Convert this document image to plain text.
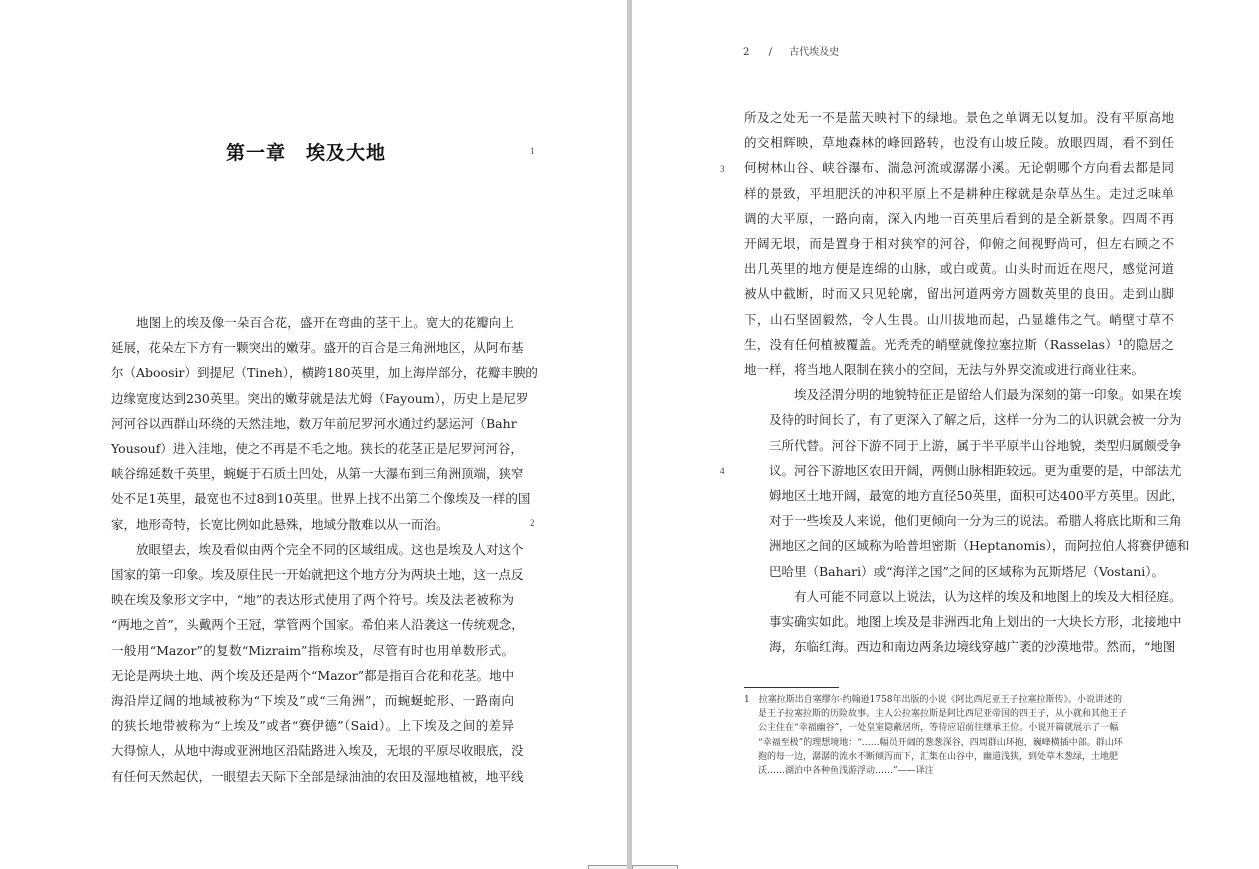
第一章　埃及大地	1
2
地图上的埃及像一朵百合花，盛开在弯曲的茎干上。宽大的花瓣向上
延展，花朵左下方有一颗突出的嫩芽。盛开的百合是三角洲地区，从阿布基
尔（Aboosir）到提尼（Tineh），横跨180英里，加上海岸部分，花瓣丰腴的
边缘宽度达到230英里。突出的嫩芽就是法尤姆（Fayoum），历史上是尼罗
河河谷以西群山环绕的天然洼地，数万年前尼罗河水通过约瑟运河（Bahr
Yousouf）进入洼地，使之不再是不毛之地。狭长的花茎正是尼罗河河谷，
峡谷绵延数千英里，蜿蜒于石质土凹处，从第一大瀑布到三角洲顶端，狭窄
处不足1英里，最宽也不过8到10英里。世界上找不出第二个像埃及一样的国
家，地形奇特，长宽比例如此悬殊，地域分散难以从一而治。
放眼望去，埃及看似由两个完全不同的区域组成。这也是埃及人对这个
国家的第一印象。埃及原住民一开始就把这个地方分为两块土地，这一点反
映在埃及象形文字中，“地”的表达形式使用了两个符号。埃及法老被称为
“两地之首”，头戴两个王冠，掌管两个国家。希伯来人沿袭这一传统观念，
一般用“Mazor”的复数“Mizraim”指称埃及，尽管有时也用单数形式。
无论是两块土地、两个埃及还是两个“Mazor”都是指百合花和花茎。地中
海沿岸辽阔的地域被称为“下埃及”或“三角洲”，而蜿蜒蛇形、一路南向
的狭长地带被称为“上埃及”或者“赛伊德”（Said）。上下埃及之间的差异
大得惊人，从地中海或亚洲地区沿陆路进入埃及，无垠的平原尽收眼底，没
有任何天然起伏，一眼望去天际下全部是绿油油的农田及湿地植被，地平线
2 / 古代埃及史
3
4
所及之处无一不是蓝天映衬下的绿地。景色之单调无以复加。没有平原高地
的交相辉映，草地森林的峰回路转，也没有山坡丘陵。放眼四周，看不到任
何树林山谷、峡谷瀑布、湍急河流或潺潺小溪。无论朝哪个方向看去都是同
样的景致，平坦肥沃的冲积平原上不是耕种庄稼就是杂草丛生。走过乏味单
调的大平原，一路向南，深入内地一百英里后看到的是全新景象。四周不再
开阔无垠，而是置身于相对狭窄的河谷，仰俯之间视野尚可，但左右顾之不
出几英里的地方便是连绵的山脉，或白或黄。山头时而近在咫尺，感觉河道
被从中截断，时而又只见轮廓，留出河道两旁方圆数英里的良田。走到山脚
下，山石坚固毅然，令人生畏。山川拔地而起，凸显雄伟之气。峭壁寸草不
生，没有任何植被覆盖。光秃秃的峭壁就像拉塞拉斯（Rasselas）¹的隐居之
地一样，将当地人限制在狭小的空间，无法与外界交流或进行商业往来。
埃及泾渭分明的地貌特征正是留给人们最为深刻的第一印象。如果在埃
及待的时间长了，有了更深入了解之后，这样一分为二的认识就会被一分为
三所代替。河谷下游不同于上游，属于半平原半山谷地貌，类型归属颇受争
议。河谷下游地区农田开阔，两侧山脉相距较远。更为重要的是，中部法尤
姆地区土地开阔，最宽的地方直径50英里，面积可达400平方英里。因此，
对于一些埃及人来说，他们更倾向一分为三的说法。希腊人将底比斯和三角
洲地区之间的区域称为哈普坦密斯（Heptanomis），而阿拉伯人将赛伊德和
巴哈里（Bahari）或“海洋之国”之间的区域称为瓦斯塔尼（Vostani）。
有人可能不同意以上说法，认为这样的埃及和地图上的埃及大相径庭。
事实确实如此。地图上埃及是非洲西北角上划出的一大块长方形，北接地中
海，东临红海。西边和南边两条边境线穿越广袤的沙漠地带。然而，“地图
1　拉塞拉斯出自塞缪尔·约翰逊1758年出版的小说《阿比西尼亚王子拉塞拉斯传》。小说讲述的
是王子拉塞拉斯的历险故事。主人公拉塞拉斯是阿比西尼亚帝国的四王子，从小就和其他王子
公主住在“幸福幽谷”，一处皇室隐蔽居所，等待应诏前往继承王位。小说开篇就展示了一幅
“幸福至极”的理想境地：“……幅员开阔的葱葱深谷，四周群山环抱，巍峰横插中部。群山环
抱的每一边，潺潺的流水不断倾泻而下，汇集在山谷中，幽道浅狭，到处草木葱绿，土地肥
沃……湖泊中各种鱼浅游浮动……”——译注
